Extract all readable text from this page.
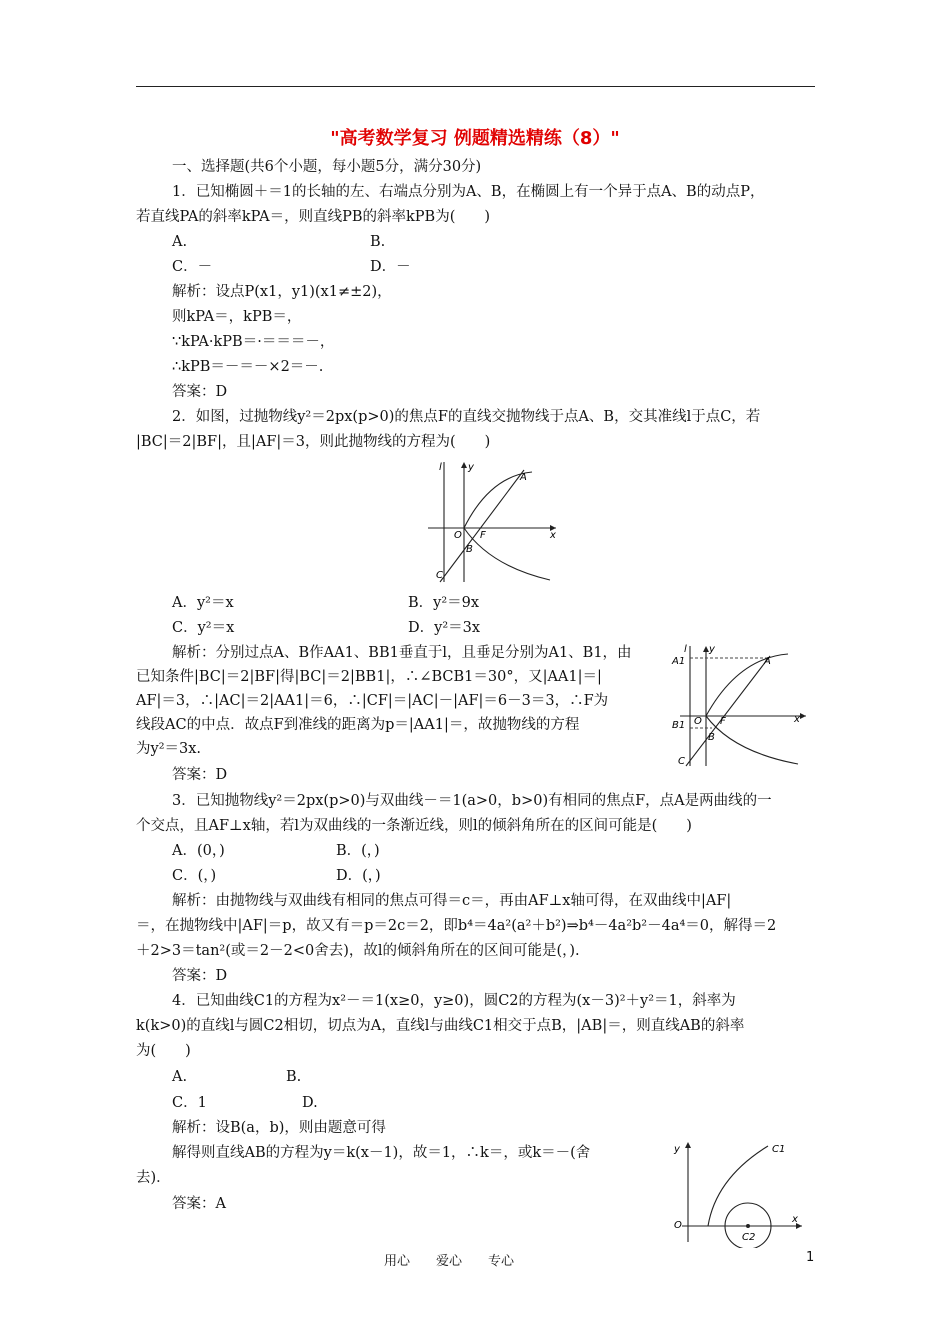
"高考数学复习 例题精选精练（8）"
一、选择题(共6个小题，每小题5分，满分30分)
1．已知椭圆＋＝1的长轴的左、右端点分别为A、B，在椭圆上有一个异于点A、B的动点P，
若直线PA的斜率kPA＝，则直线PB的斜率kPB为(　　)
A.	B.
C．－	D．－
解析：设点P(x1，y1)(x1≠±2)，
则kPA＝，kPB＝，
∵kPA·kPB＝·＝＝＝－，
∴kPB＝－＝－×2＝－.
答案：D
2．如图，过抛物线y²＝2px(p>0)的焦点F的直线交抛物线于点A、B，交其准线l于点C，若
|BC|＝2|BF|，且|AF|＝3，则此抛物线的方程为(　　)
l	y
x
O F
A
B
C
A．y²＝x	B．y²＝9x
C．y²＝x	D．y²＝3x
解析：分别过点A、B作AA1、BB1垂直于l，且垂足分别为A1、B1，由
已知条件|BC|＝2|BF|得|BC|＝2|BB1|，∴∠BCB1＝30°，又|AA1|＝|
AF|＝3，∴|AC|＝2|AA1|＝6，∴|CF|＝|AC|－|AF|＝6－3＝3，∴F为
线段AC的中点．故点F到准线的距离为p＝|AA1|＝，故抛物线的方程
为y²＝3x.
答案：D
A1
l y
A
B1 O F
B
x
C
3．已知抛物线y²＝2px(p>0)与双曲线－＝1(a>0，b>0)有相同的焦点F，点A是两曲线的一
个交点，且AF⊥x轴，若l为双曲线的一条渐近线，则l的倾斜角所在的区间可能是(　　)
A．(0，)	B．(，)
C．(，)	D．(，)
解析：由抛物线与双曲线有相同的焦点可得＝c＝，再由AF⊥x轴可得，在双曲线中|AF|
＝，在抛物线中|AF|＝p，故又有＝p＝2c＝2，即b⁴＝4a²(a²＋b²)⇒b⁴－4a²b²－4a⁴＝0，解得＝2
＋2>3＝tan²(或＝2－2<0舍去)，故l的倾斜角所在的区间可能是(，).
答案：D
4．已知曲线C1的方程为x²－＝1(x≥0，y≥0)，圆C2的方程为(x－3)²＋y²＝1，斜率为
k(k>0)的直线l与圆C2相切，切点为A，直线l与曲线C1相交于点B，|AB|＝，则直线AB的斜率
为(　　)
A.	B.
C．1	D.
解析：设B(a，b)，则由题意可得
解得则直线AB的方程为y＝k(x－1)，故＝1，∴k＝，或k＝－(舍
去)．
答案：A
y	C1
O
x
C2
用心　　爱心　　专心	1
